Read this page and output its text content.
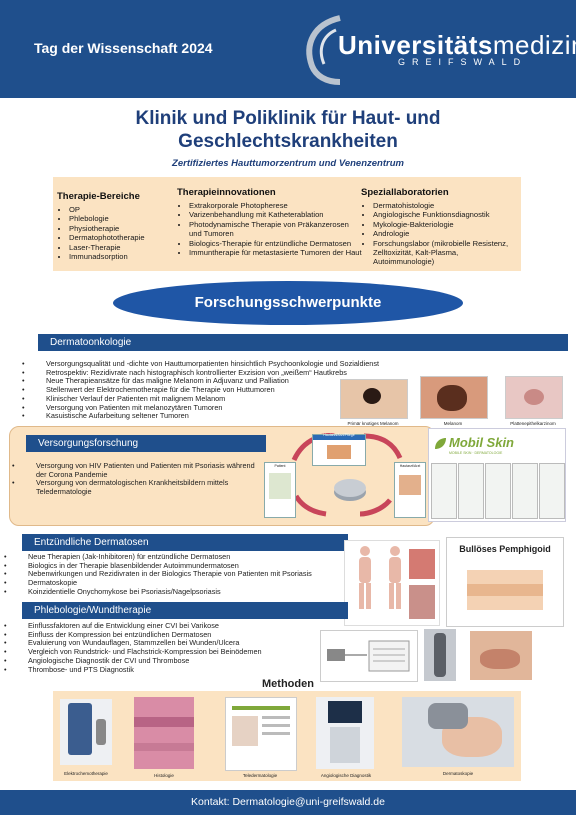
Tag der Wissenschaft 2024	Universitätsmedizin
GREIFSWALD
Klinik und Poliklinik für Haut- und Geschlechtskrankheiten
Zertifiziertes Hauttumorzentrum und Venenzentrum
Therapie-Bereiche
• OP
• Phlebologie
• Physiotherapie
• Dermatophototherapie
• Laser-Therapie
• Immunadsorption
Therapieinnovationen
• Extrakorporale Photopherese
• Varizenbehandlung mit Katheterablation
• Photodynamische Therapie von Präkanzerosen und Tumoren
• Biologics-Therapie für entzündliche Dermatosen
• Immuntherapie für metastasierte Tumoren der Haut
Speziallaboratorien
• Dermatohistologie
• Angiologische Funktionsdiagnostik
• Mykologie-Bakteriologie
• Andrologie
• Forschungslabor (mikrobielle Resistenz, Zelltoxizität, Kalt-Plasma, Autoimmunologie)
Forschungsschwerpunkte
Dermatoonkologie
• Versorgungsqualität und -dichte von Hauttumorpatienten hinsichtlich Psychoonkologie und Sozialdienst
• Retrospektiv: Rezidivrate nach histographisch kontrollierter Exzision von „weißem“ Hautkrebs
• Neue Therapieansätze für das maligne Melanom in Adjuvanz und Palliation
• Stellenwert der Elektrochemotherapie für die Therapie von Huttumoren
• Klinischer Verlauf der Patienten mit malignem Melanom
• Versorgung von Patienten mit melanozytären Tumoren
• Kasuistische Aufarbeitung seltener Tumoren
Primär knotiges Melanom	Melanom	Plattenepithelkarzinom
Versorgungsforschung
• Versorgung von HIV Patienten und Patienten mit Psoriasis während der Corona Pandemie
• Versorgung von dermatologischen Krankheitsbildern mittels Teledermatologie
Hautarzt/Arzt/Pflege
Patient	Hautarzt/Arzt
Mobil Skin
MOBILE SKIN · DERMATOLOGIE
Entzündliche Dermatosen
• Neue Therapien (Jak-Inhibitoren) für entzündliche Dermatosen
• Biologics in der Therapie blasenbildender Autoimmundermatosen
• Nebenwirkungen und Rezidivraten in der Biologics Therapie von Patienten mit Psoriasis
• Dermatoskopie
• Koinzidentielle Onychomykose bei Psoriasis/Nagelpsoriasis
Bullöses Pemphigoid
Phlebologie/Wundtherapie
• Einflussfaktoren auf die Entwicklung einer CVI bei Varikose
• Einfluss der Kompression bei entzündlichen Dermatosen
• Evaluierung von Wundauflagen, Stammzellen bei Wunden/Ulcera
• Vergleich von Rundstrick- und Flachstrick-Kompression bei Beinödemen
• Angiologische Diagnostik der CVI und Thrombose
• Thrombose- und PTS Diagnostik
Methoden
Elektrochemotherapie	Histologie	Teledermatologie	Angiologische Diagnostik	Dermatoskopie
Kontakt: Dermatologie@uni-greifswald.de
